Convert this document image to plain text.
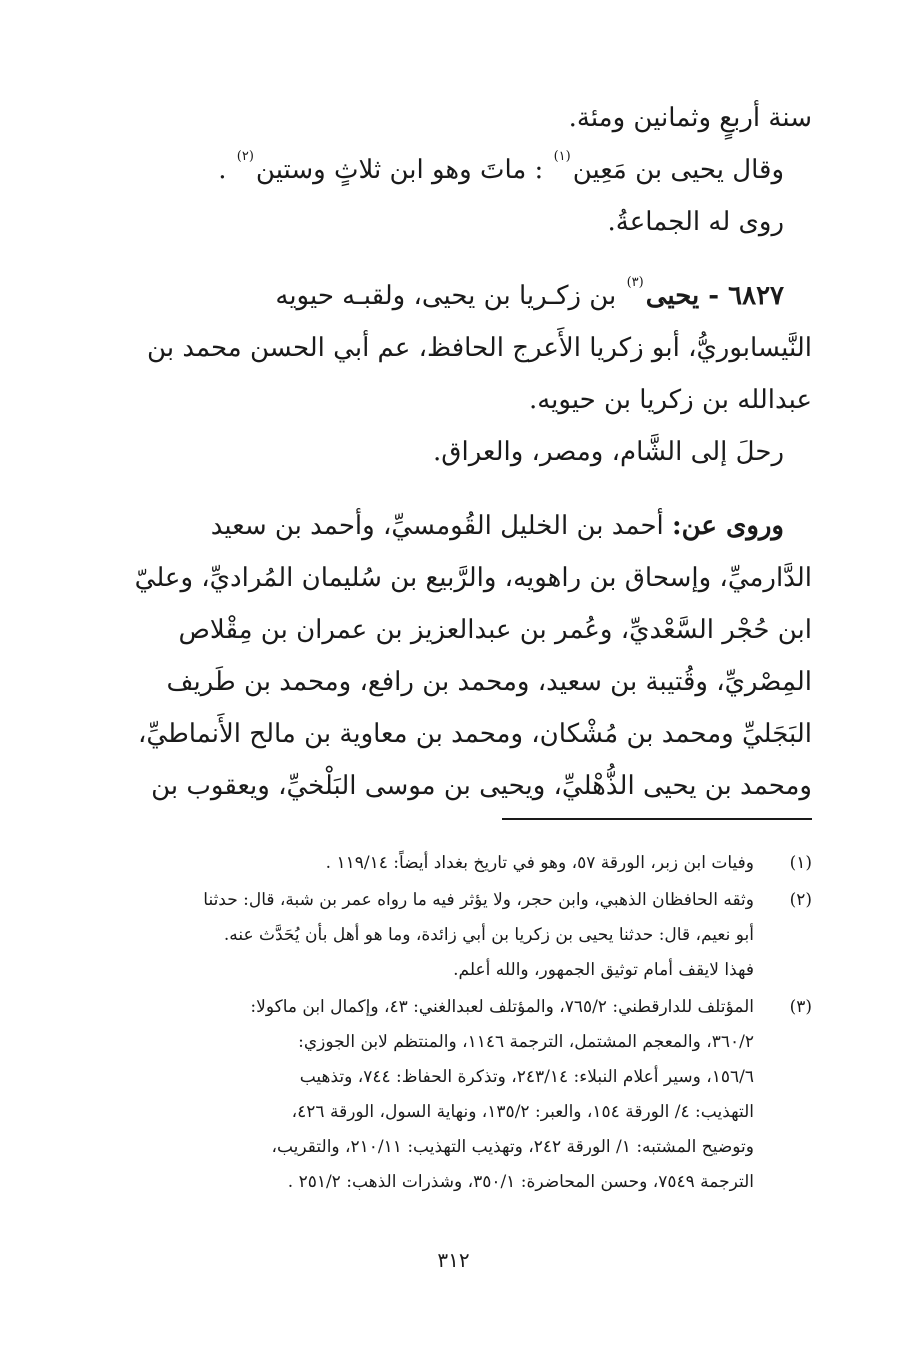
سنة أربعٍ وثمانين ومئة.
وقال يحيى بن مَعِين$^{(١)}$ : ماتَ وهو ابن ثلاثٍ وستين$^{(٢)}$ .
روى له الجماعةُ.
٦٨٢٧ - يحيى$^{(٣)}$ بن زكـريا بن يحيى، ولقبـه حيويه
النَّيسابوريُّ، أبو زكريا الأَعرج الحافظ، عم أبي الحسن محمد بن
عبدالله بن زكريا بن حيويه.
رحلَ إلى الشَّام، ومصر، والعراق.
وروى عن: أحمد بن الخليل القُومسيِّ، وأحمد بن سعيد
الدَّارميِّ، وإسحاق بن راهويه، والرَّبيع بن سُليمان المُراديِّ، وعليّ
ابن حُجْر السَّعْديِّ، وعُمر بن عبدالعزيز بن عمران بن مِقْلاص
المِصْريِّ، وقُتيبة بن سعيد، ومحمد بن رافع، ومحمد بن طَريف
البَجَليِّ ومحمد بن مُشْكان، ومحمد بن معاوية بن مالح الأَنماطيِّ،
ومحمد بن يحيى الذُّهْليِّ، ويحيى بن موسى البَلْخيِّ، ويعقوب بن
(١)
وفيات ابن زبر، الورقة ٥٧، وهو في تاريخ بغداد أيضاً: ١١٩/١٤ .
(٢)
وثقه الحافظان الذهبي، وابن حجر، ولا يؤثر فيه ما رواه عمر بن شبة، قال: حدثنا
أبو نعيم، قال: حدثنا يحيى بن زكريا بن أبي زائدة، وما هو أهل بأن يُحَدَّث عنه.
فهذا لايقف أمام توثيق الجمهور، والله أعلم.
(٣)
المؤتلف للدارقطني: ٧٦٥/٢، والمؤتلف لعبدالغني: ٤٣، وإكمال ابن ماكولا:
٣٦٠/٢، والمعجم المشتمل، الترجمة ١١٤٦، والمنتظم لابن الجوزي:
١٥٦/٦، وسير أعلام النبلاء: ٢٤٣/١٤، وتذكرة الحفاظ: ٧٤٤، وتذهيب
التهذيب: ٤/ الورقة ١٥٤، والعبر: ١٣٥/٢، ونهاية السول، الورقة ٤٢٦،
وتوضيح المشتبه: ١/ الورقة ٢٤٢، وتهذيب التهذيب: ٢١٠/١١، والتقريب،
الترجمة ٧٥٤٩، وحسن المحاضرة: ٣٥٠/١، وشذرات الذهب: ٢٥١/٢ .
٣١٢
